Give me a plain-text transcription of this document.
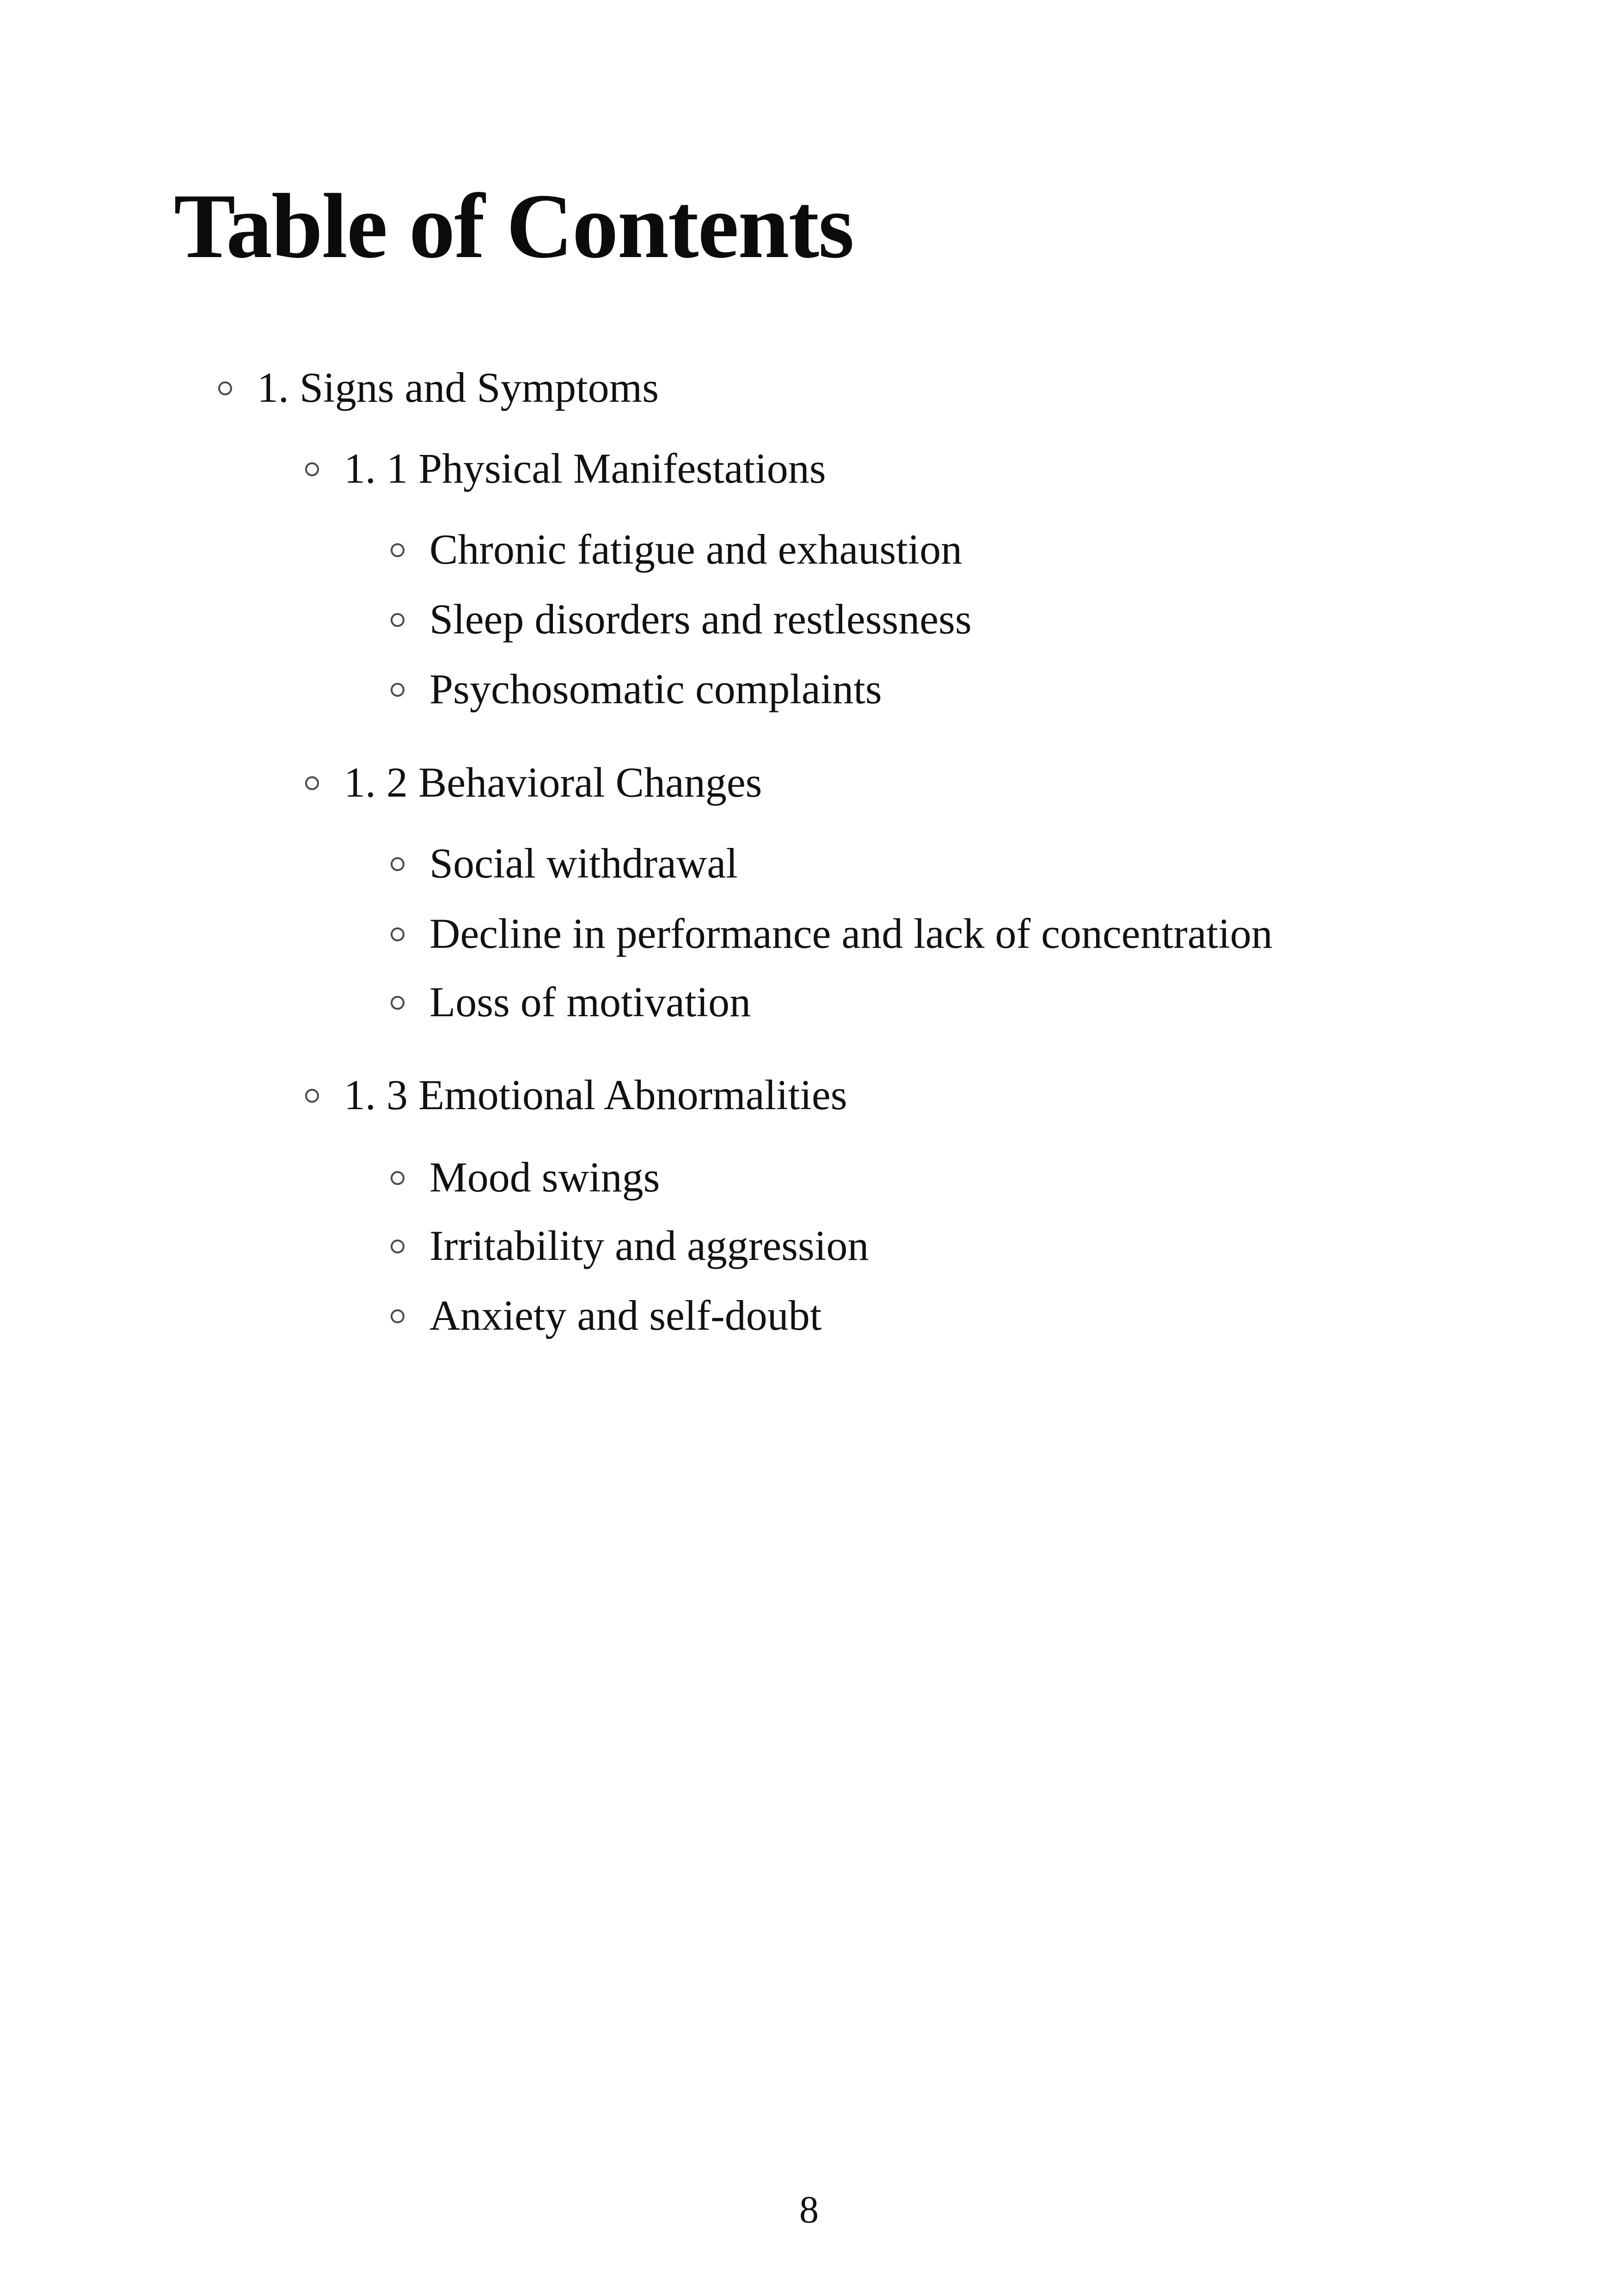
Table of Contents
1. Signs and Symptoms
1. 1 Physical Manifestations
Chronic fatigue and exhaustion
Sleep disorders and restlessness
Psychosomatic complaints
1. 2 Behavioral Changes
Social withdrawal
Decline in performance and lack of concentration
Loss of motivation
1. 3 Emotional Abnormalities
Mood swings
Irritability and aggression
Anxiety and self-doubt
8
